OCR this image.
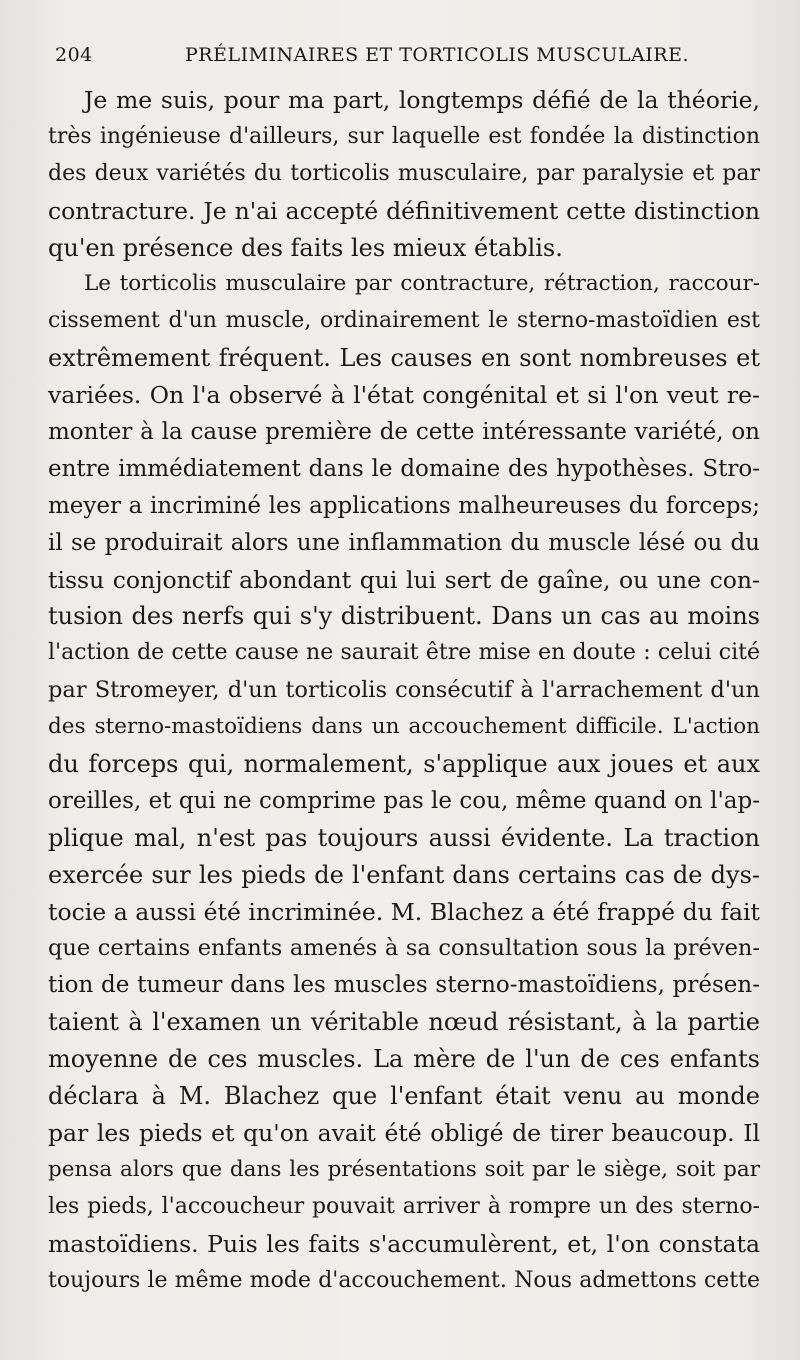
204	PRÉLIMINAIRES ET TORTICOLIS MUSCULAIRE.
Je me suis, pour ma part, longtemps défié de la théorie,
très ingénieuse d'ailleurs, sur laquelle est fondée la distinction
des deux variétés du torticolis musculaire, par paralysie et par
contracture. Je n'ai accepté définitivement cette distinction
qu'en présence des faits les mieux établis.
Le torticolis musculaire par contracture, rétraction, raccour-
cissement d'un muscle, ordinairement le sterno-mastoïdien est
extrêmement fréquent. Les causes en sont nombreuses et
variées. On l'a observé à l'état congénital et si l'on veut re-
monter à la cause première de cette intéressante variété, on
entre immédiatement dans le domaine des hypothèses. Stro-
meyer a incriminé les applications malheureuses du forceps;
il se produirait alors une inflammation du muscle lésé ou du
tissu conjonctif abondant qui lui sert de gaîne, ou une con-
tusion des nerfs qui s'y distribuent. Dans un cas au moins
l'action de cette cause ne saurait être mise en doute : celui cité
par Stromeyer, d'un torticolis consécutif à l'arrachement d'un
des sterno-mastoïdiens dans un accouchement difficile. L'action
du forceps qui, normalement, s'applique aux joues et aux
oreilles, et qui ne comprime pas le cou, même quand on l'ap-
plique mal, n'est pas toujours aussi évidente. La traction
exercée sur les pieds de l'enfant dans certains cas de dys-
tocie a aussi été incriminée. M. Blachez a été frappé du fait
que certains enfants amenés à sa consultation sous la préven-
tion de tumeur dans les muscles sterno-mastoïdiens, présen-
taient à l'examen un véritable nœud résistant, à la partie
moyenne de ces muscles. La mère de l'un de ces enfants
déclara à M. Blachez que l'enfant était venu au monde
par les pieds et qu'on avait été obligé de tirer beaucoup. Il
pensa alors que dans les présentations soit par le siège, soit par
les pieds, l'accoucheur pouvait arriver à rompre un des sterno-
mastoïdiens. Puis les faits s'accumulèrent, et, l'on constata
toujours le même mode d'accouchement. Nous admettons cette
